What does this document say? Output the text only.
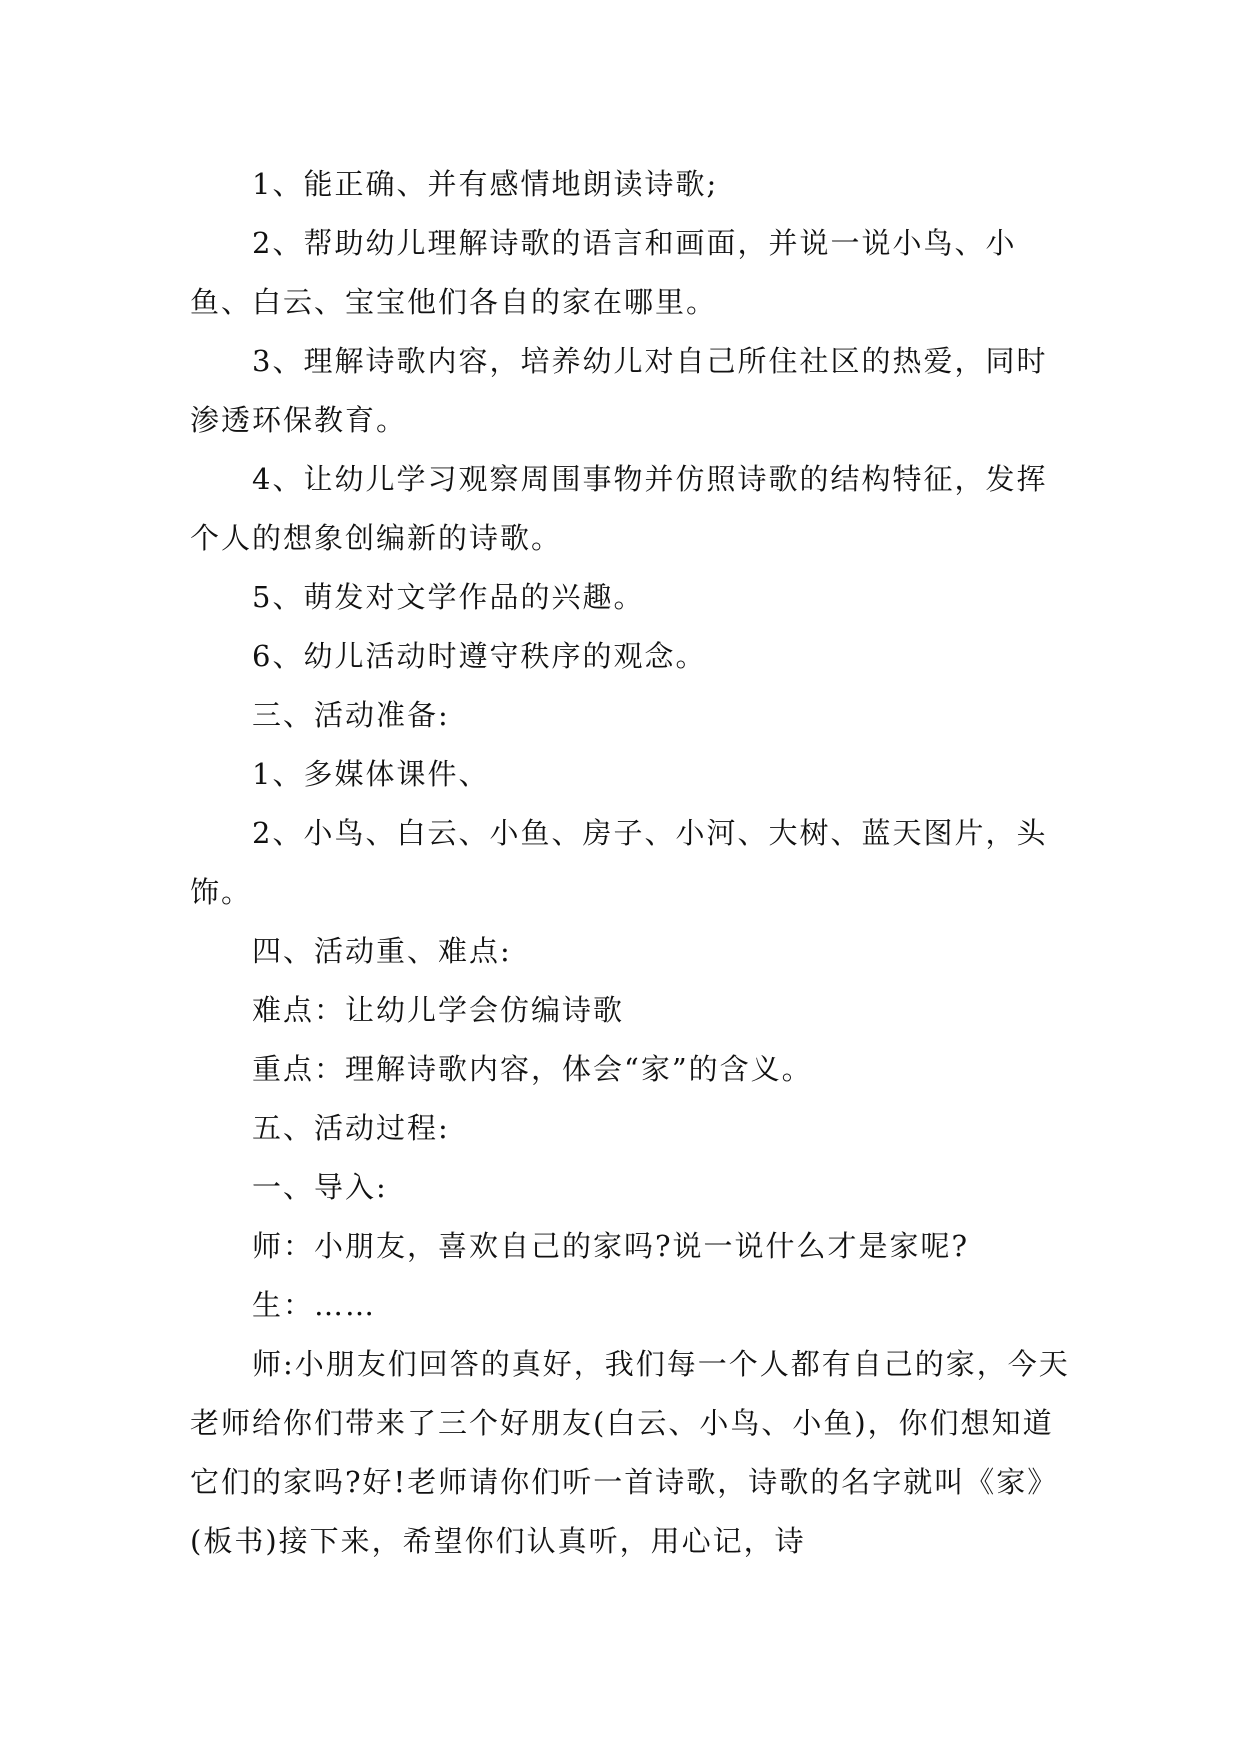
1、能正确、并有感情地朗读诗歌;

2、帮助幼儿理解诗歌的语言和画面，并说一说小鸟、小鱼、白云、宝宝他们各自的家在哪里。

3、理解诗歌内容，培养幼儿对自己所住社区的热爱，同时渗透环保教育。

4、让幼儿学习观察周围事物并仿照诗歌的结构特征，发挥个人的想象创编新的诗歌。

5、萌发对文学作品的兴趣。

6、幼儿活动时遵守秩序的观念。

三、活动准备:

1、多媒体课件、

2、小鸟、白云、小鱼、房子、小河、大树、蓝天图片，头饰。

四、活动重、难点:

难点：让幼儿学会仿编诗歌

重点：理解诗歌内容，体会“家”的含义。

五、活动过程:

一、导入:

师：小朋友，喜欢自己的家吗?说一说什么才是家呢?

生：……

师:小朋友们回答的真好，我们每一个人都有自己的家，今天老师给你们带来了三个好朋友(白云、小鸟、小鱼)，你们想知道它们的家吗?好!老师请你们听一首诗歌，诗歌的名字就叫《家》(板书)接下来，希望你们认真听，用心记，诗
